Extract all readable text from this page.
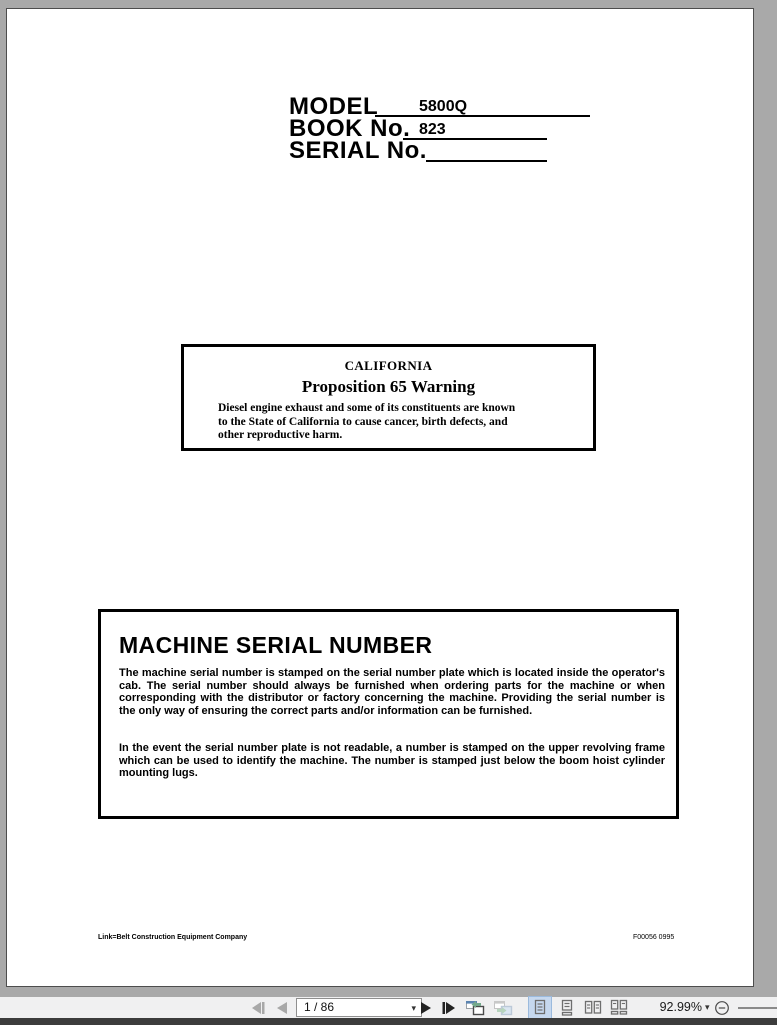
MODEL	5800Q
BOOK No. 823
SERIAL No.
CALIFORNIA
Proposition 65 Warning
Diesel engine exhaust and some of its constituents are known
to the State of California to cause cancer, birth defects, and
other reproductive harm.
MACHINE SERIAL NUMBER
The machine serial number is stamped on the serial number plate which is located inside the operator's cab. The serial number should always be furnished when ordering parts for the machine or when corresponding with the distributor or factory concerning the machine. Providing the serial number is the only way of ensuring the correct parts and/or information can be furnished.
In the event the serial number plate is not readable, a number is stamped on the upper revolving frame which can be used to identify the machine. The number is stamped just below the boom hoist cylinder mounting lugs.
Link=Belt Construction Equipment Company	F00056 0995
1 / 86	▾	92.99% ▾
